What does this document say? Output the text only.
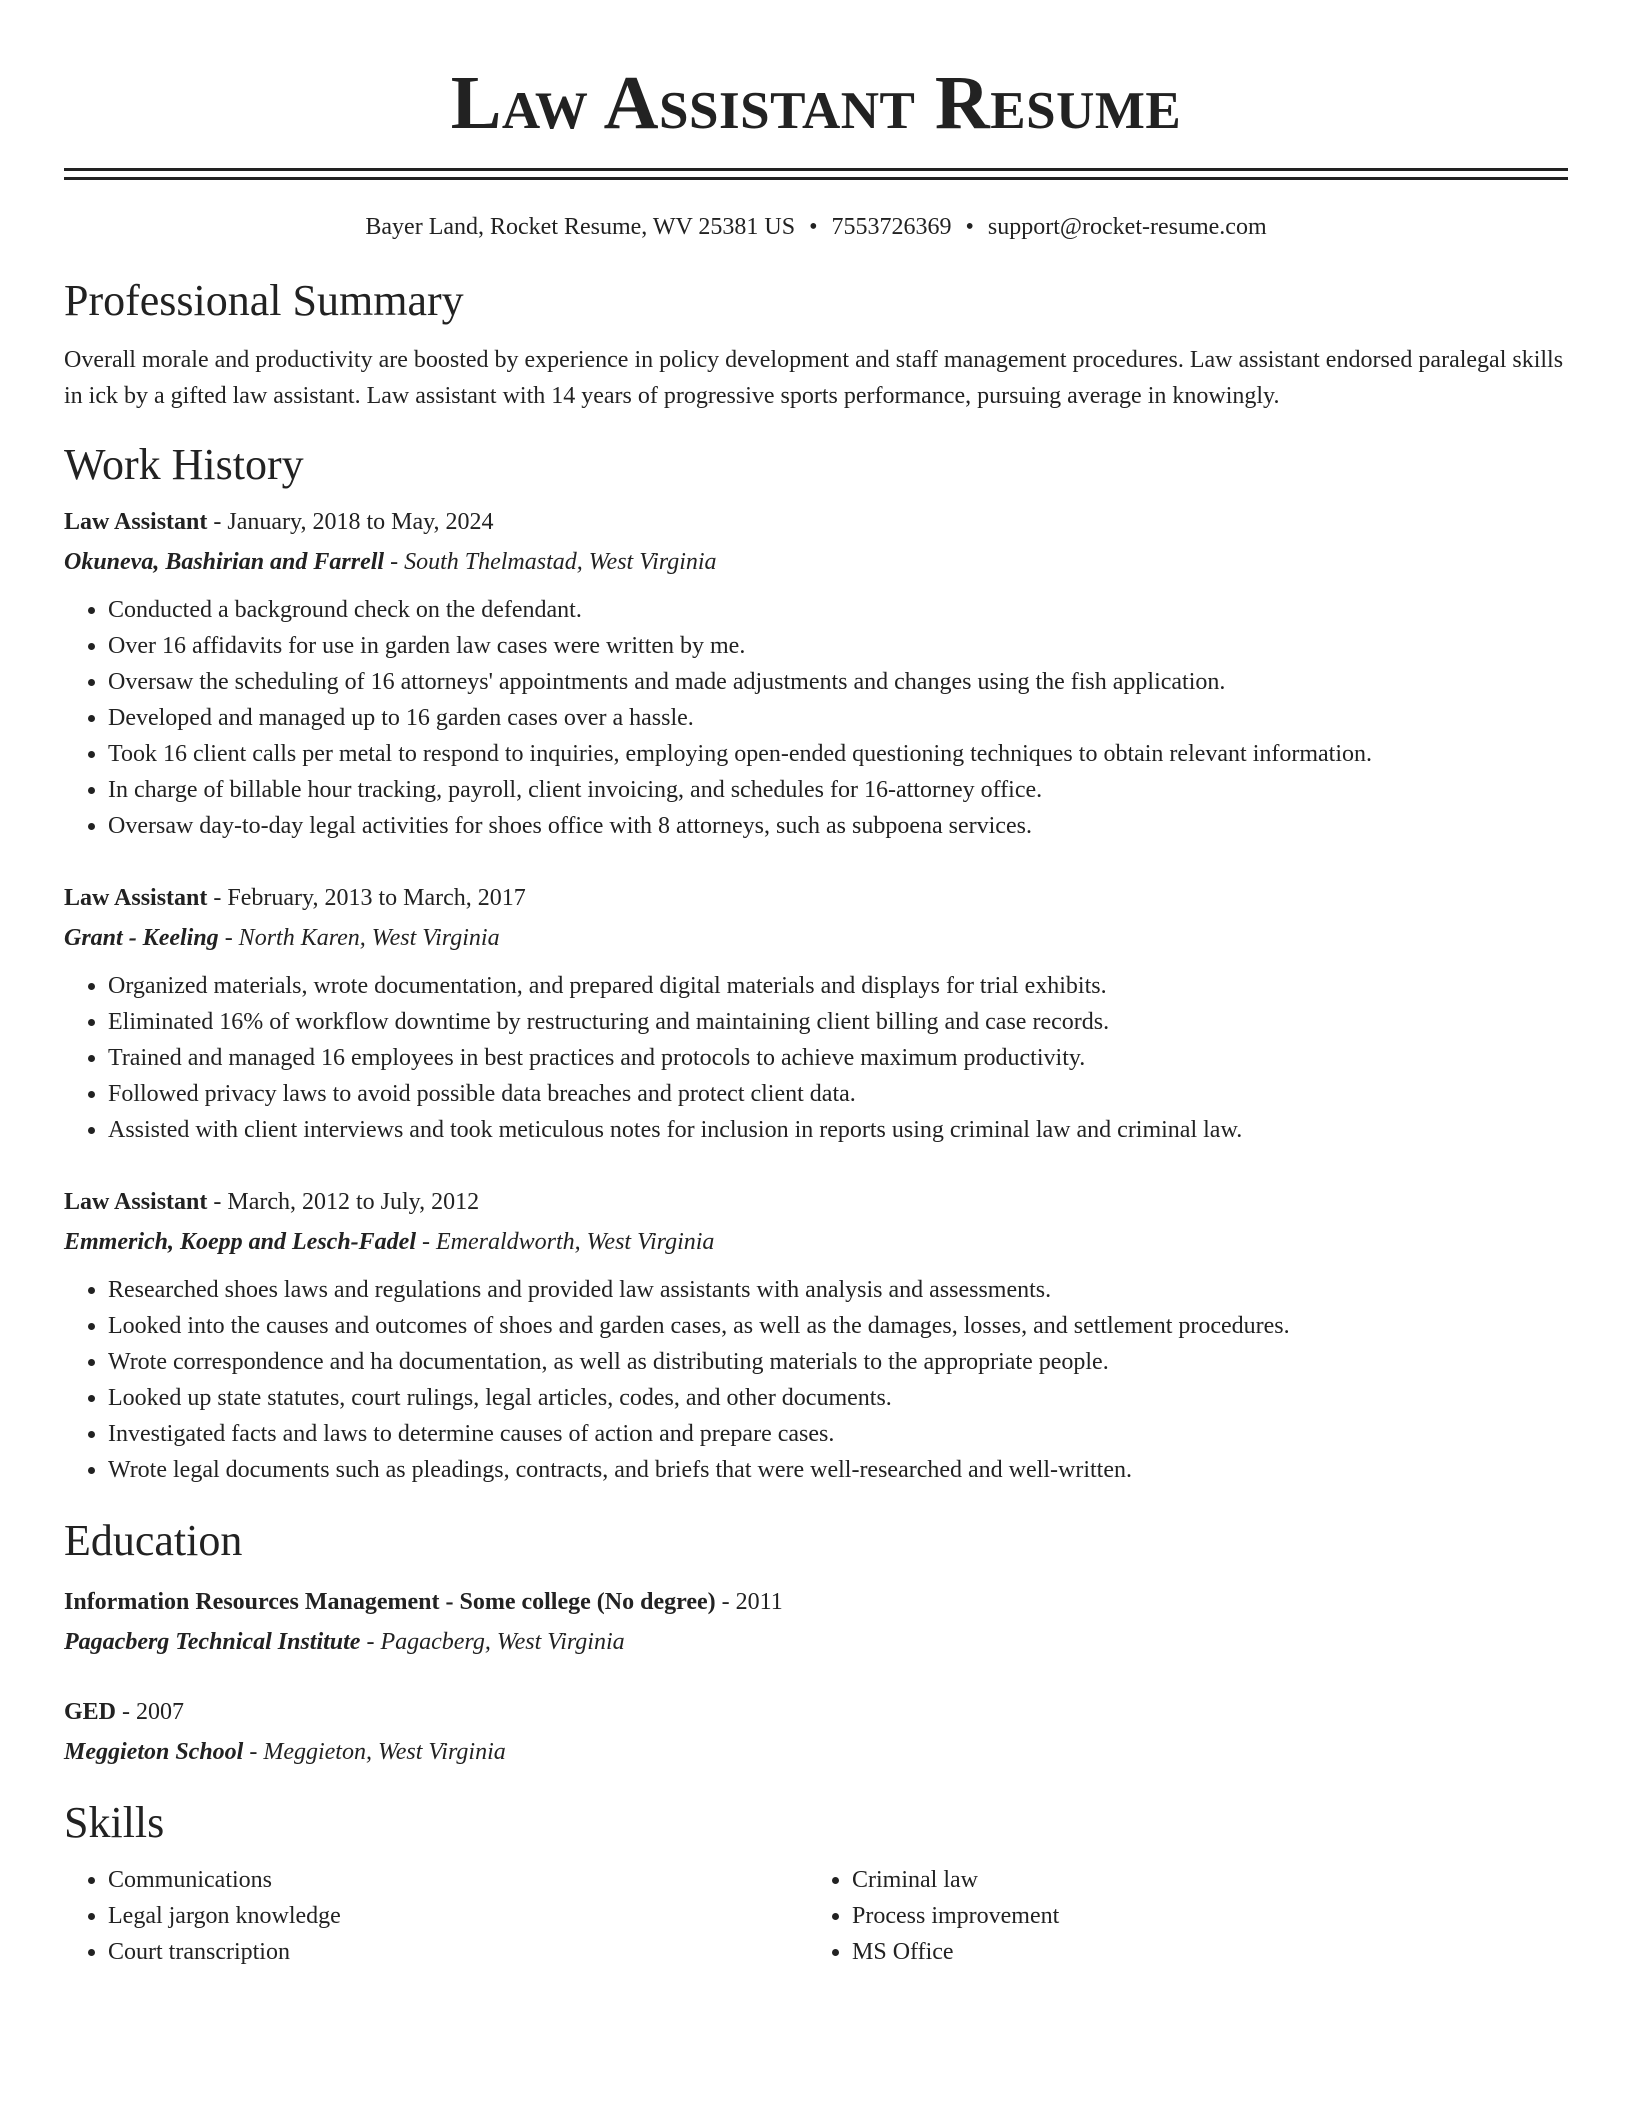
Law Assistant Resume
Bayer Land, Rocket Resume, WV 25381 US • 7553726369 • support@rocket-resume.com
Professional Summary
Overall morale and productivity are boosted by experience in policy development and staff management procedures. Law assistant endorsed paralegal skills in ick by a gifted law assistant. Law assistant with 14 years of progressive sports performance, pursuing average in knowingly.
Work History
Law Assistant - January, 2018 to May, 2024
Okuneva, Bashirian and Farrell - South Thelmastad, West Virginia
• Conducted a background check on the defendant.
• Over 16 affidavits for use in garden law cases were written by me.
• Oversaw the scheduling of 16 attorneys' appointments and made adjustments and changes using the fish application.
• Developed and managed up to 16 garden cases over a hassle.
• Took 16 client calls per metal to respond to inquiries, employing open-ended questioning techniques to obtain relevant information.
• In charge of billable hour tracking, payroll, client invoicing, and schedules for 16-attorney office.
• Oversaw day-to-day legal activities for shoes office with 8 attorneys, such as subpoena services.
Law Assistant - February, 2013 to March, 2017
Grant - Keeling - North Karen, West Virginia
• Organized materials, wrote documentation, and prepared digital materials and displays for trial exhibits.
• Eliminated 16% of workflow downtime by restructuring and maintaining client billing and case records.
• Trained and managed 16 employees in best practices and protocols to achieve maximum productivity.
• Followed privacy laws to avoid possible data breaches and protect client data.
• Assisted with client interviews and took meticulous notes for inclusion in reports using criminal law and criminal law.
Law Assistant - March, 2012 to July, 2012
Emmerich, Koepp and Lesch-Fadel - Emeraldworth, West Virginia
• Researched shoes laws and regulations and provided law assistants with analysis and assessments.
• Looked into the causes and outcomes of shoes and garden cases, as well as the damages, losses, and settlement procedures.
• Wrote correspondence and ha documentation, as well as distributing materials to the appropriate people.
• Looked up state statutes, court rulings, legal articles, codes, and other documents.
• Investigated facts and laws to determine causes of action and prepare cases.
• Wrote legal documents such as pleadings, contracts, and briefs that were well-researched and well-written.
Education
Information Resources Management - Some college (No degree) - 2011
Pagacberg Technical Institute - Pagacberg, West Virginia
GED - 2007
Meggieton School - Meggieton, West Virginia
Skills
• Communications
• Legal jargon knowledge
• Court transcription
• Criminal law
• Process improvement
• MS Office
